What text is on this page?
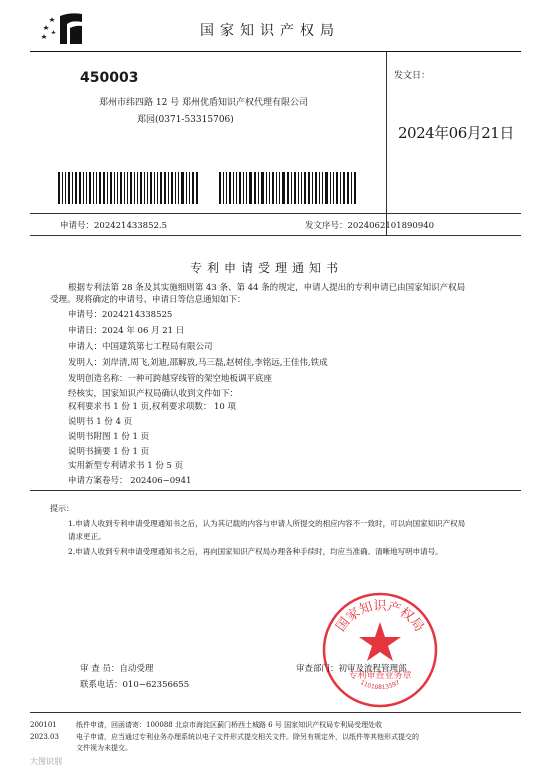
国家知识产权局
450003
郑州市纬四路 12 号 郑州优盾知识产权代理有限公司
郑园(0371-53315706)
发文日：
2024年06月21日
申请号：202421433852.5	发文序号：2024062101890940
专利申请受理通知书
根据专利法第 28 条及其实施细则第 43 条、第 44 条的规定，申请人提出的专利申请已由国家知识产权局
受理。现将确定的申请号、申请日等信息通知如下：
申请号：2024214338525
申请日：2024 年 06 月 21 日
申请人：中国建筑第七工程局有限公司
发明人：刘岸清,周飞,刘迪,邵解放,马三磊,赵树佳,李铭远,王佳伟,铁成
发明创造名称：一种可跨越穿线管的架空地板调平底座
经核实，国家知识产权局确认收到文件如下：
权利要求书 1 份 1 页,权利要求项数： 10 项
说明书 1 份 4 页
说明书附图 1 份 1 页
说明书摘要 1 份 1 页
实用新型专利请求书 1 份 5 页
申请方案卷号： 202406−0941
提示：
1.申请人收到专利申请受理通知书之后，认为其记载的内容与申请人所提交的相应内容不一致时，可以向国家知识产权局
请求更正。
2.申请人收到专利申请受理通知书之后，再向国家知识产权局办理各种手续时，均应当准确、清晰地写明申请号。
国家知识产权局
专利审查业务章
11010813597
审 查 员：自动受理
联系电话：010−62356655
审查部门：初审及流程管理部
200101
2023.03
纸件申请，回函请寄：100088 北京市海淀区蓟门桥西土城路 6 号 国家知识产权局专利局受理处收
电子申请，应当通过专利业务办理系统以电子文件形式提交相关文件。除另有规定外，以纸件等其他形式提交的
文件视为未提交。
大图识别
